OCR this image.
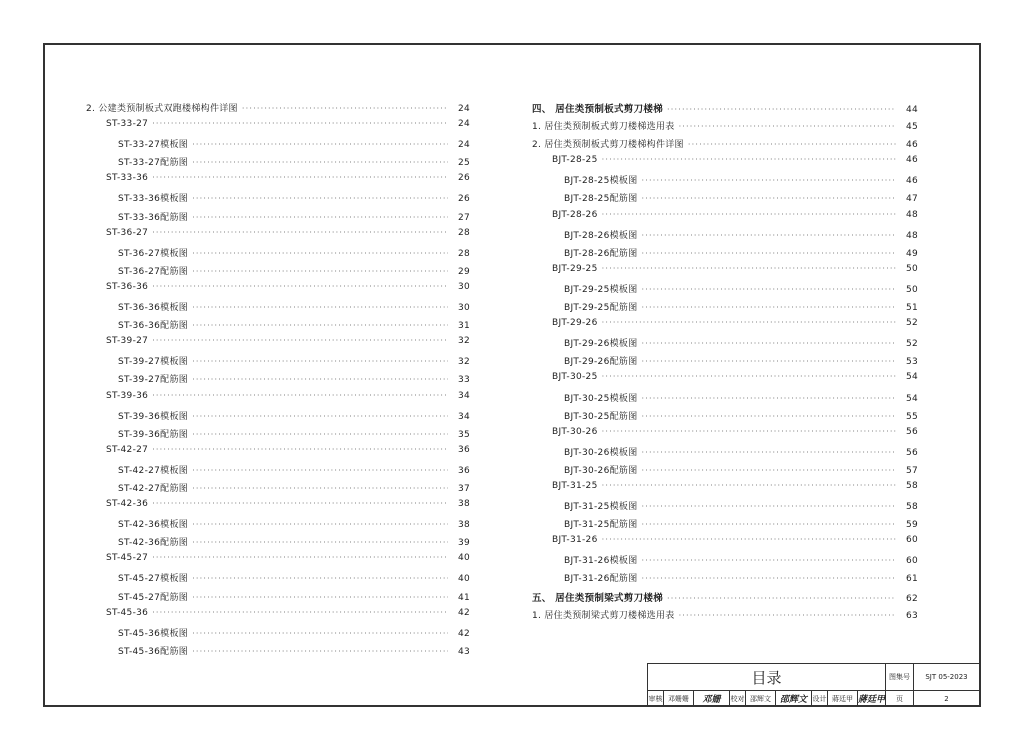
2. 公建类预制板式双跑楼梯构件详图 ·····	24
ST-33-27 ·····	24
ST-33-27模板图 ·····	24
ST-33-27配筋图 ·····	25
ST-33-36 ·····	26
ST-33-36模板图 ·····	26
ST-33-36配筋图 ·····	27
ST-36-27 ·····	28
ST-36-27模板图 ·····	28
ST-36-27配筋图 ·····	29
ST-36-36 ·····	30
ST-36-36模板图 ·····	30
ST-36-36配筋图 ·····	31
ST-39-27 ·····	32
ST-39-27模板图 ·····	32
ST-39-27配筋图 ·····	33
ST-39-36 ·····	34
ST-39-36模板图 ·····	34
ST-39-36配筋图 ·····	35
ST-42-27 ·····	36
ST-42-27模板图 ·····	36
ST-42-27配筋图 ·····	37
ST-42-36 ·····	38
ST-42-36模板图 ·····	38
ST-42-36配筋图 ·····	39
ST-45-27 ·····	40
ST-45-27模板图 ·····	40
ST-45-27配筋图 ·····	41
ST-45-36 ·····	42
ST-45-36模板图 ·····	42
ST-45-36配筋图 ·····	43
四、 居住类预制板式剪刀楼梯 ·····	44
1. 居住类预制板式剪刀楼梯选用表 ·····	45
2. 居住类预制板式剪刀楼梯构件详图 ·····	46
BJT-28-25 ·····	46
BJT-28-25模板图 ·····	46
BJT-28-25配筋图 ·····	47
BJT-28-26 ·····	48
BJT-28-26模板图 ·····	48
BJT-28-26配筋图 ·····	49
BJT-29-25 ·····	50
BJT-29-25模板图 ·····	50
BJT-29-25配筋图 ·····	51
BJT-29-26 ·····	52
BJT-29-26模板图 ·····	52
BJT-29-26配筋图 ·····	53
BJT-30-25 ·····	54
BJT-30-25模板图 ·····	54
BJT-30-25配筋图 ·····	55
BJT-30-26 ·····	56
BJT-30-26模板图 ·····	56
BJT-30-26配筋图 ·····	57
BJT-31-25 ·····	58
BJT-31-25模板图 ·····	58
BJT-31-25配筋图 ·····	59
BJT-31-26 ·····	60
BJT-31-26模板图 ·····	60
BJT-31-26配筋图 ·····	61
五、 居住类预制梁式剪刀楼梯 ·····	62
1. 居住类预制梁式剪刀楼梯选用表 ·····	63
目录	图集号	SJT 05-2023
审核 邓姗姗	邓姗	校对 邵辉文 邵辉文 设计 蔣廷甲 蔣廷甲	页	2
